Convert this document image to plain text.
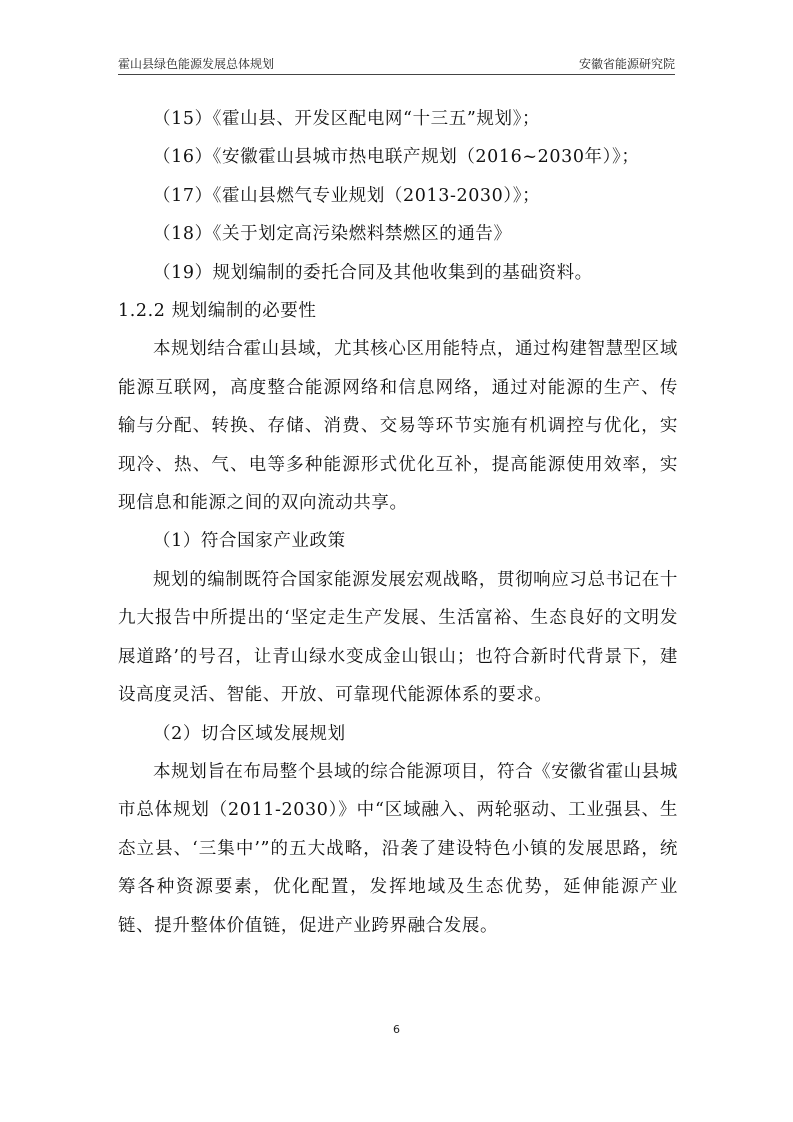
霍山县绿色能源发展总体规划	安徽省能源研究院

（15）《霍山县、开发区配电网“十三五”规划》；

（16）《安徽霍山县城市热电联产规划（2016~2030年）》；

（17）《霍山县燃气专业规划（2013-2030）》；

（18）《关于划定高污染燃料禁燃区的通告》

（19）规划编制的委托合同及其他收集到的基础资料。

1.2.2 规划编制的必要性

本规划结合霍山县域，尤其核心区用能特点，通过构建智慧型区域能源互联网，高度整合能源网络和信息网络，通过对能源的生产、传输与分配、转换、存储、消费、交易等环节实施有机调控与优化，实现冷、热、气、电等多种能源形式优化互补，提高能源使用效率，实现信息和能源之间的双向流动共享。

（1）符合国家产业政策

规划的编制既符合国家能源发展宏观战略，贯彻响应习总书记在十九大报告中所提出的‘坚定走生产发展、生活富裕、生态良好的文明发展道路’的号召，让青山绿水变成金山银山；也符合新时代背景下，建设高度灵活、智能、开放、可靠现代能源体系的要求。

（2）切合区域发展规划

本规划旨在布局整个县域的综合能源项目，符合《安徽省霍山县城市总体规划（2011-2030）》中“区域融入、两轮驱动、工业强县、生态立县、‘三集中’”的五大战略，沿袭了建设特色小镇的发展思路，统筹各种资源要素，优化配置，发挥地域及生态优势，延伸能源产业链、提升整体价值链，促进产业跨界融合发展。

6
